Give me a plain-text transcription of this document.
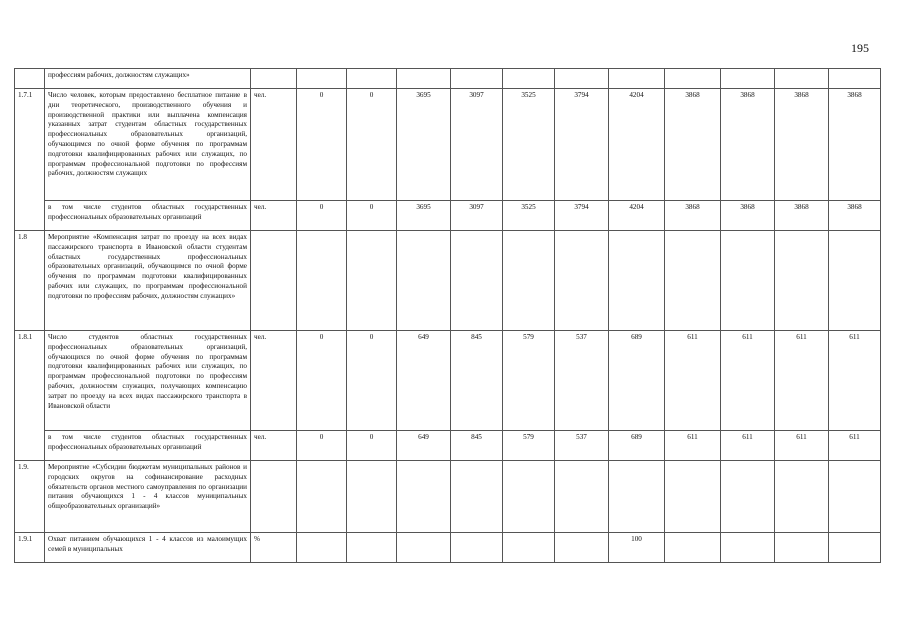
195
	профессиям рабочих, должностям служащих»												
1.7.1	Число человек, которым предоставлено бесплатное питание в дни теоретического, производственного обучения и производственной практики или выплачена компенсация указанных затрат студентам областных государственных профессиональных образовательных организаций, обучающимся по очной форме обучения по программам подготовки квалифицированных рабочих или служащих, по программам профессиональной подготовки по профессиям рабочих, должностям служащих	чел.	0	0	3695	3097	3525	3794	4204	3868	3868	3868	3868
	в том числе студентов областных государственных профессиональных образовательных организаций	чел.	0	0	3695	3097	3525	3794	4204	3868	3868	3868	3868
1.8	Мероприятие «Компенсация затрат по проезду на всех видах пассажирского транспорта в Ивановской области студентам областных государственных профессиональных образовательных организаций, обучающимся по очной форме обучения по программам подготовки квалифицированных рабочих или служащих, по программам профессиональной подготовки по профессиям рабочих, должностям служащих»												
1.8.1	Число студентов областных государственных профессиональных образовательных организаций, обучающихся по очной форме обучения по программам подготовки квалифицированных рабочих или служащих, по программам профессиональной подготовки по профессиям рабочих, должностям служащих, получающих компенсацию затрат по проезду на всех видах пассажирского транспорта в Ивановской области	чел.	0	0	649	845	579	537	689	611	611	611	611
	в том числе студентов областных государственных профессиональных образовательных организаций	чел.	0	0	649	845	579	537	689	611	611	611	611
1.9.	Мероприятие «Субсидии бюджетам муниципальных районов и городских округов на софинансирование расходных обязательств органов местного самоуправления по организации питания обучающихся 1 - 4 классов муниципальных общеобразовательных организаций»												
1.9.1	Охват питанием обучающихся 1 - 4 классов из малоимущих семей в муниципальных	%							100				
